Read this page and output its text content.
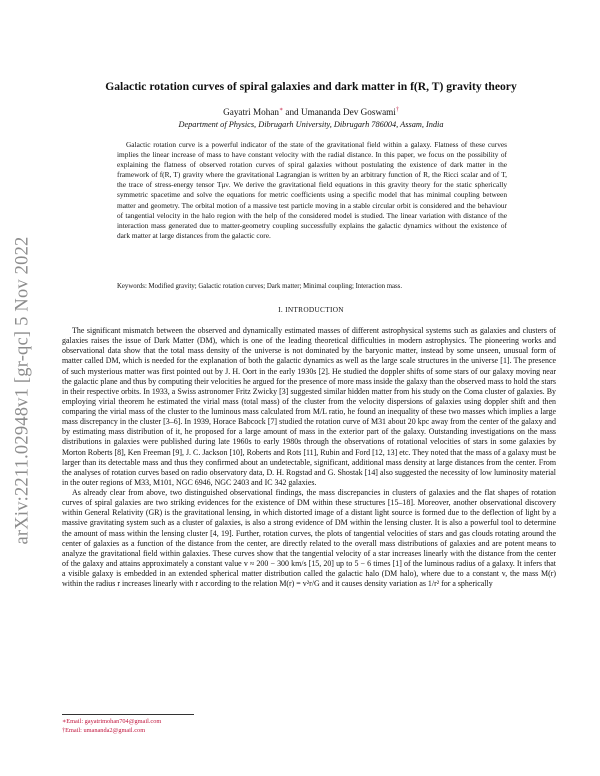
arXiv:2211.02948v1 [gr-qc] 5 Nov 2022
Galactic rotation curves of spiral galaxies and dark matter in f(R, T) gravity theory
Gayatri Mohan∗ and Umananda Dev Goswami†
Department of Physics, Dibrugarh University, Dibrugarh 786004, Assam, India

Galactic rotation curve is a powerful indicator of the state of the gravitational field within a galaxy. Flatness of these curves implies the linear increase of mass to have constant velocity with the radial distance. In this paper, we focus on the possibility of explaining the flatness of observed rotation curves of spiral galaxies without postulating the existence of dark matter in the framework of f(R, T) gravity where the gravitational Lagrangian is written by an arbitrary function of R, the Ricci scalar and of T, the trace of stress-energy tensor Tμν. We derive the gravitational field equations in this gravity theory for the static spherically symmetric spacetime and solve the equations for metric coefficients using a specific model that has minimal coupling between matter and geometry. The orbital motion of a massive test particle moving in a stable circular orbit is considered and the behaviour of tangential velocity in the halo region with the help of the considered model is studied. The linear variation with distance of the interaction mass generated due to matter-geometry coupling successfully explains the galactic dynamics without the existence of dark matter at large distances from the galactic core.

Keywords: Modified gravity; Galactic rotation curves; Dark matter; Minimal coupling; Interaction mass.
I. INTRODUCTION

The significant mismatch between the observed and dynamically estimated masses of different astrophysical systems such as galaxies and clusters of galaxies raises the issue of Dark Matter (DM), which is one of the leading theoretical difficulties in modern astrophysics. The pioneering works and observational data show that the total mass density of the universe is not dominated by the baryonic matter, instead by some unseen, unusual form of matter called DM, which is needed for the explanation of both the galactic dynamics as well as the large scale structures in the universe [1]. The presence of such mysterious matter was first pointed out by J. H. Oort in the early 1930s [2]. He studied the doppler shifts of some stars of our galaxy moving near the galactic plane and thus by computing their velocities he argued for the presence of more mass inside the galaxy than the observed mass to hold the stars in their respective orbits. In 1933, a Swiss astronomer Fritz Zwicky [3] suggested similar hidden matter from his study on the Coma cluster of galaxies. By employing virial theorem he estimated the virial mass (total mass) of the cluster from the velocity dispersions of galaxies using doppler shift and then comparing the virial mass of the cluster to the luminous mass calculated from M/L ratio, he found an inequality of these two masses which implies a large mass discrepancy in the cluster [3–6]. In 1939, Horace Babcock [7] studied the rotation curve of M31 about 20 kpc away from the center of the galaxy and by estimating mass distribution of it, he proposed for a large amount of mass in the exterior part of the galaxy. Outstanding investigations on the mass distributions in galaxies were published during late 1960s to early 1980s through the observations of rotational velocities of stars in some galaxies by Morton Roberts [8], Ken Freeman [9], J. C. Jackson [10], Roberts and Rots [11], Rubin and Ford [12, 13] etc. They noted that the mass of a galaxy must be larger than its detectable mass and thus they confirmed about an undetectable, significant, additional mass density at large distances from the center. From the analyses of rotation curves based on radio observatory data, D. H. Rogstad and G. Shostak [14] also suggested the necessity of low luminosity material in the outer regions of M33, M101, NGC 6946, NGC 2403 and IC 342 galaxies.

As already clear from above, two distinguished observational findings, the mass discrepancies in clusters of galaxies and the flat shapes of rotation curves of spiral galaxies are two striking evidences for the existence of DM within these structures [15–18]. Moreover, another observational discovery within General Relativity (GR) is the gravitational lensing, in which distorted image of a distant light source is formed due to the deflection of light by a massive gravitating system such as a cluster of galaxies, is also a strong evidence of DM within the lensing cluster. It is also a powerful tool to determine the amount of mass within the lensing cluster [4, 19]. Further, rotation curves, the plots of tangential velocities of stars and gas clouds rotating around the center of galaxies as a function of the distance from the center, are directly related to the overall mass distributions of galaxies and are potent means to analyze the gravitational field within galaxies. These curves show that the tangential velocity of a star increases linearly with the distance from the center of the galaxy and attains approximately a constant value v ≈ 200 − 300 km/s [15, 20] up to 5 − 6 times [1] of the luminous radius of a galaxy. It infers that a visible galaxy is embedded in an extended spherical matter distribution called the galactic halo (DM halo), where due to a constant v, the mass M(r) within the radius r increases linearly with r according to the relation M(r) = v²r/G and it causes density variation as 1/r² for a spherically

∗Email: gayatrimohan704@gmail.com
†Email: umananda2@gmail.com
